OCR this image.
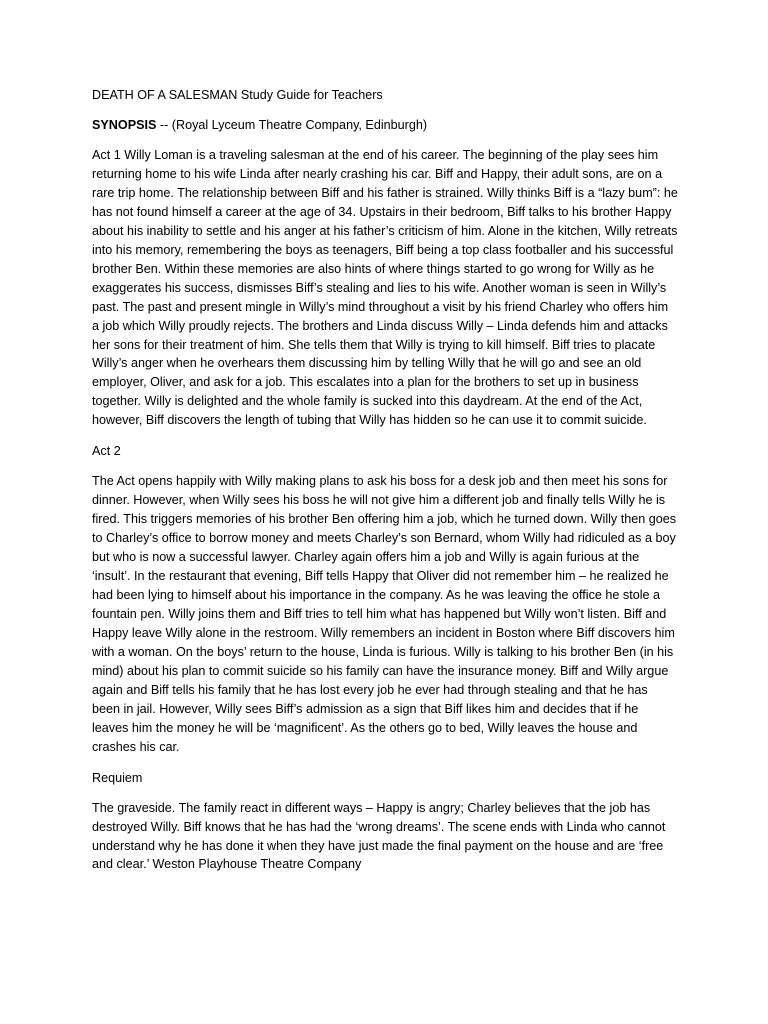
DEATH OF A SALESMAN Study Guide for Teachers

SYNOPSIS -- (Royal Lyceum Theatre Company, Edinburgh)

Act 1 Willy Loman is a traveling salesman at the end of his career. The beginning of the play sees him returning home to his wife Linda after nearly crashing his car. Biff and Happy, their adult sons, are on a rare trip home. The relationship between Biff and his father is strained. Willy thinks Biff is a “lazy bum”: he has not found himself a career at the age of 34. Upstairs in their bedroom, Biff talks to his brother Happy about his inability to settle and his anger at his father’s criticism of him. Alone in the kitchen, Willy retreats into his memory, remembering the boys as teenagers, Biff being a top class footballer and his successful brother Ben. Within these memories are also hints of where things started to go wrong for Willy as he exaggerates his success, dismisses Biff’s stealing and lies to his wife. Another woman is seen in Willy’s past. The past and present mingle in Willy’s mind throughout a visit by his friend Charley who offers him a job which Willy proudly rejects. The brothers and Linda discuss Willy – Linda defends him and attacks her sons for their treatment of him. She tells them that Willy is trying to kill himself. Biff tries to placate Willy’s anger when he overhears them discussing him by telling Willy that he will go and see an old employer, Oliver, and ask for a job. This escalates into a plan for the brothers to set up in business together. Willy is delighted and the whole family is sucked into this daydream. At the end of the Act, however, Biff discovers the length of tubing that Willy has hidden so he can use it to commit suicide.

Act 2

The Act opens happily with Willy making plans to ask his boss for a desk job and then meet his sons for dinner. However, when Willy sees his boss he will not give him a different job and finally tells Willy he is fired. This triggers memories of his brother Ben offering him a job, which he turned down. Willy then goes to Charley’s office to borrow money and meets Charley’s son Bernard, whom Willy had ridiculed as a boy but who is now a successful lawyer. Charley again offers him a job and Willy is again furious at the ‘insult’. In the restaurant that evening, Biff tells Happy that Oliver did not remember him – he realized he had been lying to himself about his importance in the company. As he was leaving the office he stole a fountain pen. Willy joins them and Biff tries to tell him what has happened but Willy won’t listen. Biff and Happy leave Willy alone in the restroom. Willy remembers an incident in Boston where Biff discovers him with a woman. On the boys’ return to the house, Linda is furious. Willy is talking to his brother Ben (in his mind) about his plan to commit suicide so his family can have the insurance money. Biff and Willy argue again and Biff tells his family that he has lost every job he ever had through stealing and that he has been in jail. However, Willy sees Biff’s admission as a sign that Biff likes him and decides that if he leaves him the money he will be ‘magnificent’. As the others go to bed, Willy leaves the house and crashes his car.

Requiem

The graveside. The family react in different ways – Happy is angry; Charley believes that the job has destroyed Willy. Biff knows that he has had the ‘wrong dreams’. The scene ends with Linda who cannot understand why he has done it when they have just made the final payment on the house and are ‘free and clear.’ Weston Playhouse Theatre Company
